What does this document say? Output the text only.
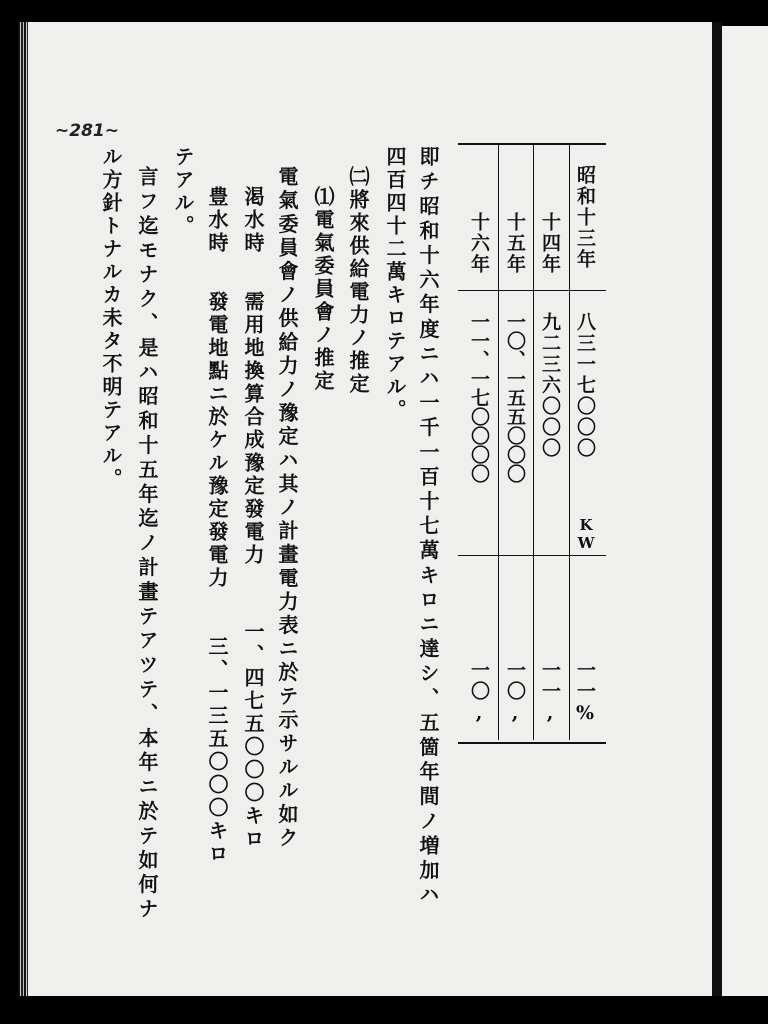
~281~
昭和十三年
八三一七〇〇〇
KW
一一%
十四年
九二三六〇〇〇
一一,
十五年
一〇、一五五〇〇〇
一〇,
十六年
一一、一七〇〇〇〇
一〇,
即チ昭和十六年度ニハ一千一百十七萬キロニ達シ、五箇年間ノ増加ハ
四百四十二萬キロテアル。
㈡將來供給電力ノ推定
⑴電氣委員會ノ推定
電氣委員會ノ供給力ノ豫定ハ其ノ計畫電力表ニ於テ示サルル如ク
渇水時
需用地換算合成豫定發電力
一、四七五〇〇〇キロ
豊水時
發電地點ニ於ケル豫定發電力
三、一三五〇〇〇キロ
テアル。
言フ迄モナク、是ハ昭和十五年迄ノ計畫テアツテ、本年ニ於テ如何ナ
ル方針トナルカ未タ不明テアル。
